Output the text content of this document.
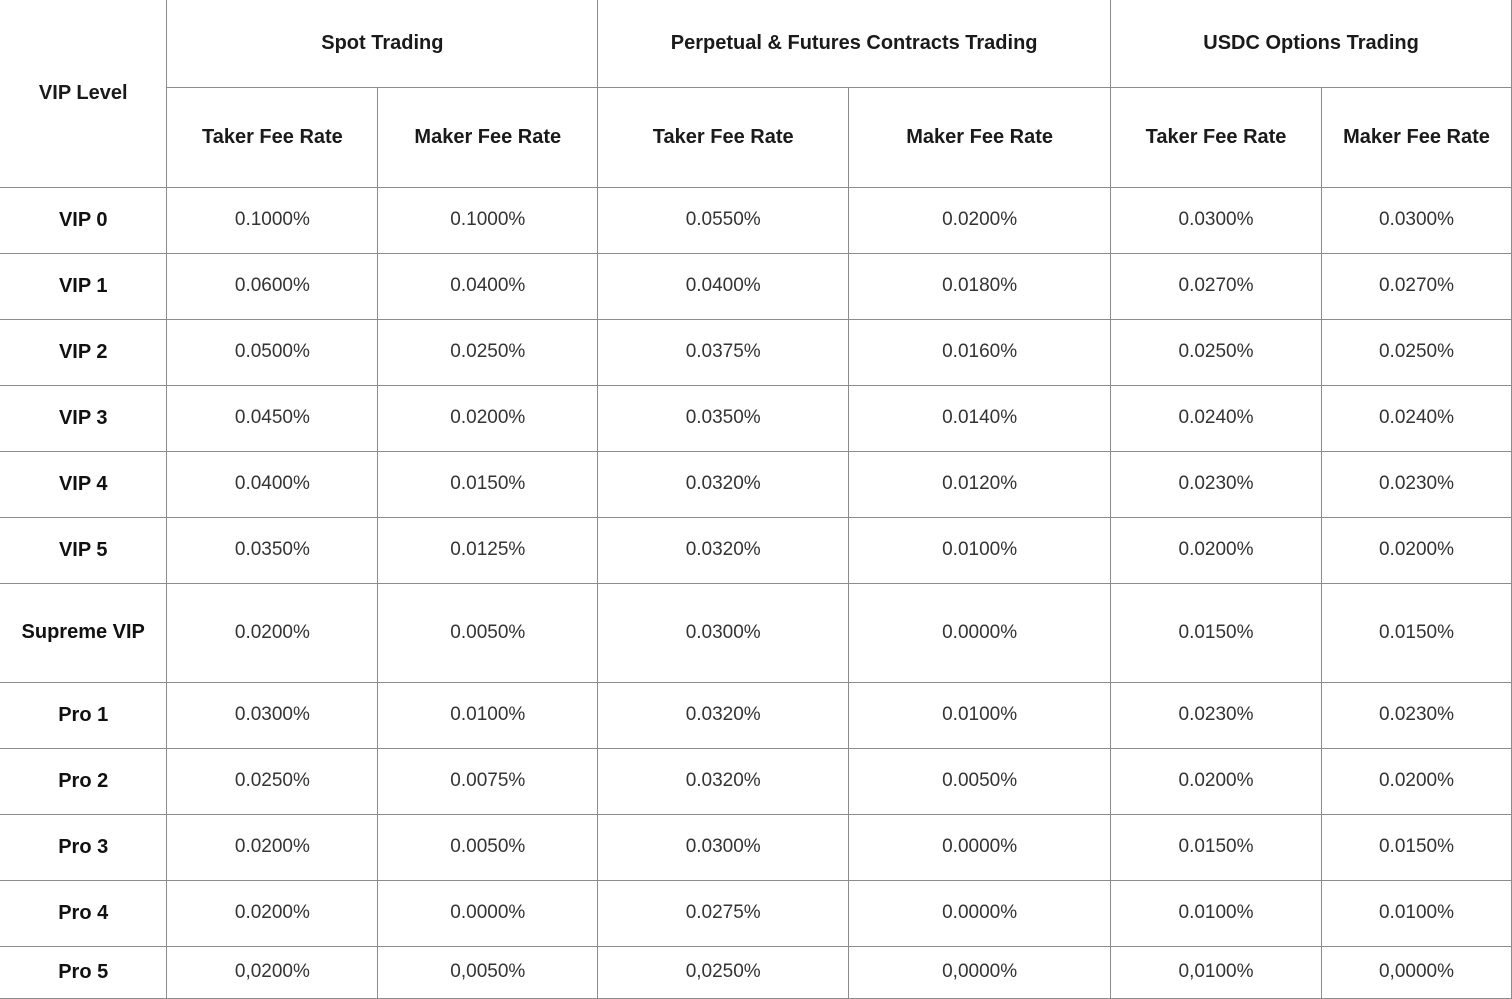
VIP Level	Spot Trading		Perpetual & Futures Contracts Trading		USDC Options Trading	
	Taker Fee Rate	Maker Fee Rate	Taker Fee Rate	Maker Fee Rate	Taker Fee Rate	Maker Fee Rate
VIP 0	0.1000%	0.1000%	0.0550%	0.0200%	0.0300%	0.0300%
VIP 1	0.0600%	0.0400%	0.0400%	0.0180%	0.0270%	0.0270%
VIP 2	0.0500%	0.0250%	0.0375%	0.0160%	0.0250%	0.0250%
VIP 3	0.0450%	0.0200%	0.0350%	0.0140%	0.0240%	0.0240%
VIP 4	0.0400%	0.0150%	0.0320%	0.0120%	0.0230%	0.0230%
VIP 5	0.0350%	0.0125%	0.0320%	0.0100%	0.0200%	0.0200%
Supreme VIP	0.0200%	0.0050%	0.0300%	0.0000%	0.0150%	0.0150%
Pro 1	0.0300%	0.0100%	0.0320%	0.0100%	0.0230%	0.0230%
Pro 2	0.0250%	0.0075%	0.0320%	0.0050%	0.0200%	0.0200%
Pro 3	0.0200%	0.0050%	0.0300%	0.0000%	0.0150%	0.0150%
Pro 4	0.0200%	0.0000%	0.0275%	0.0000%	0.0100%	0.0100%
Pro 5	0,0200%	0,0050%	0,0250%	0,0000%	0,0100%	0,0000%
